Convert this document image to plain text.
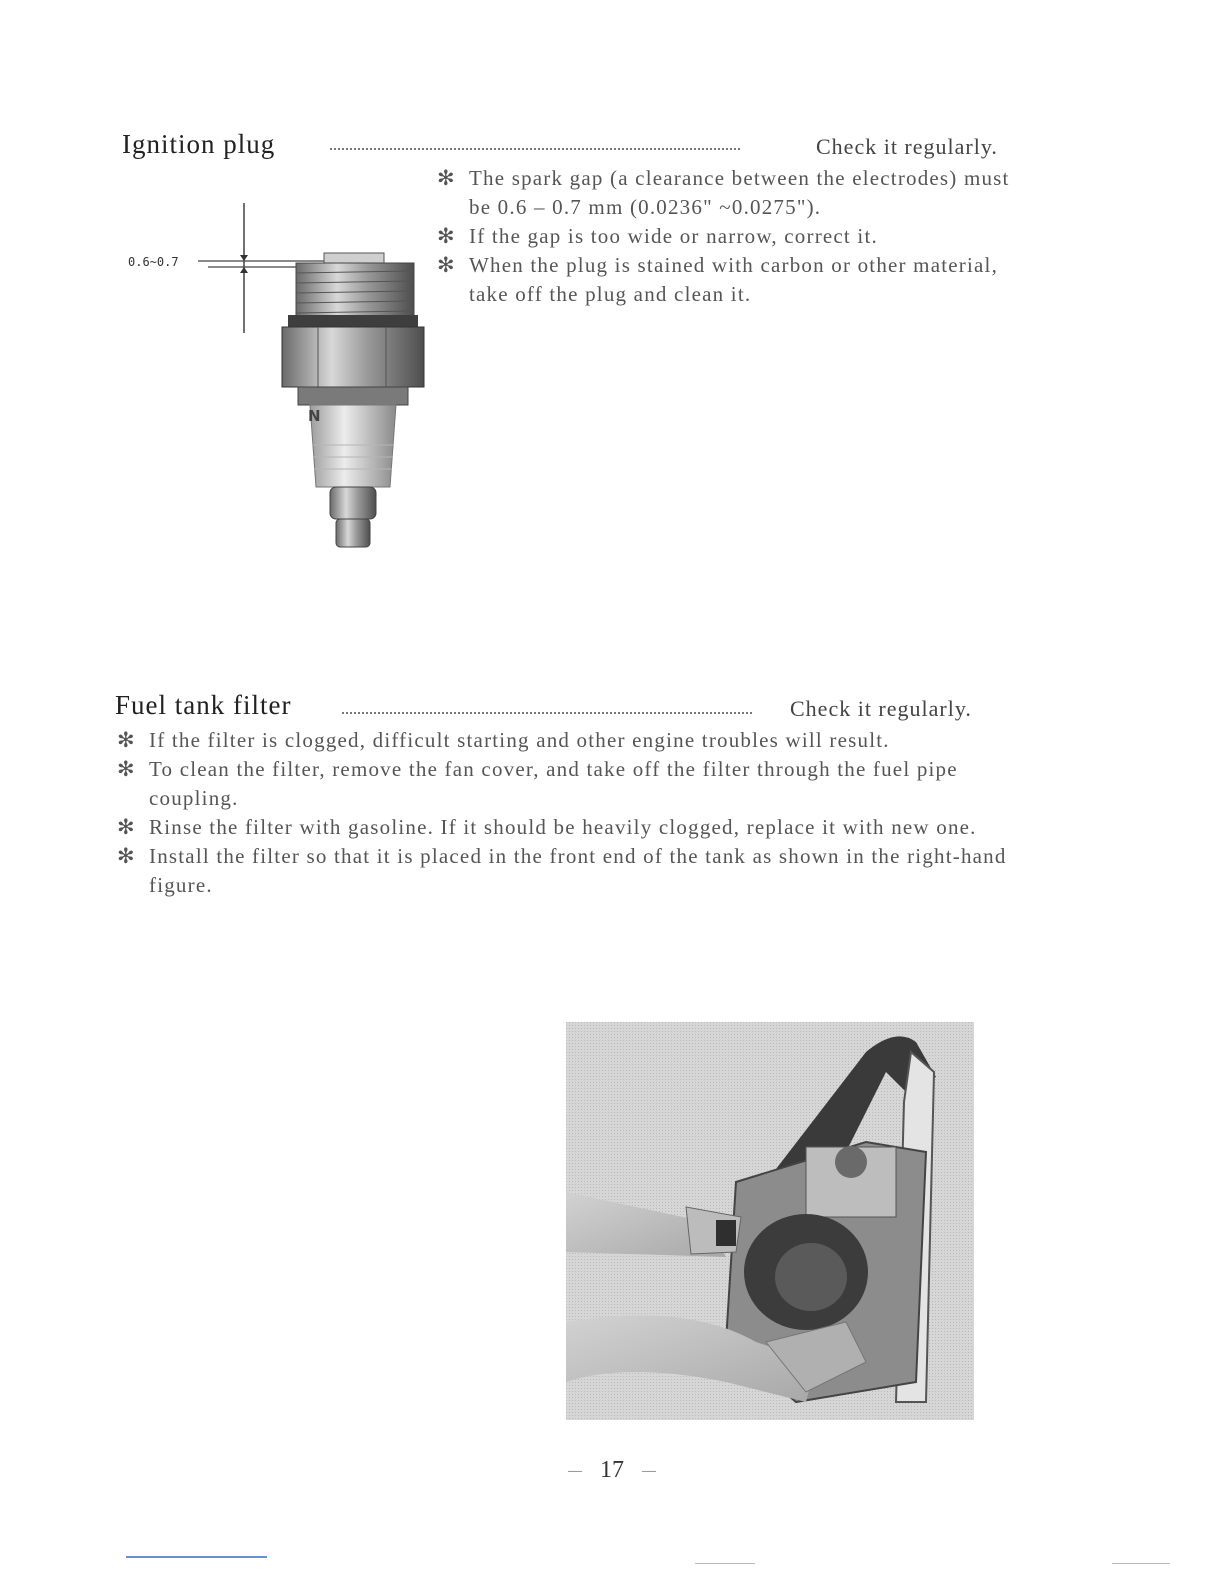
Ignition plug	Check it regularly.
✻ The spark gap (a clearance between the electrodes) must be 0.6 – 0.7 mm (0.0236" ~0.0275").
✻ If the gap is too wide or narrow, correct it.
✻ When the plug is stained with carbon or other material, take off the plug and clean it.
0.6~0.7
N
Fuel tank filter	Check it regularly.
✻ If the filter is clogged, difficult starting and other engine troubles will result.
✻ To clean the filter, remove the fan cover, and take off the filter through the fuel pipe coupling.
✻ Rinse the filter with gasoline. If it should be heavily clogged, replace it with new one.
✻ Install the filter so that it is placed in the front end of the tank as shown in the right-hand figure.
— 17 —
